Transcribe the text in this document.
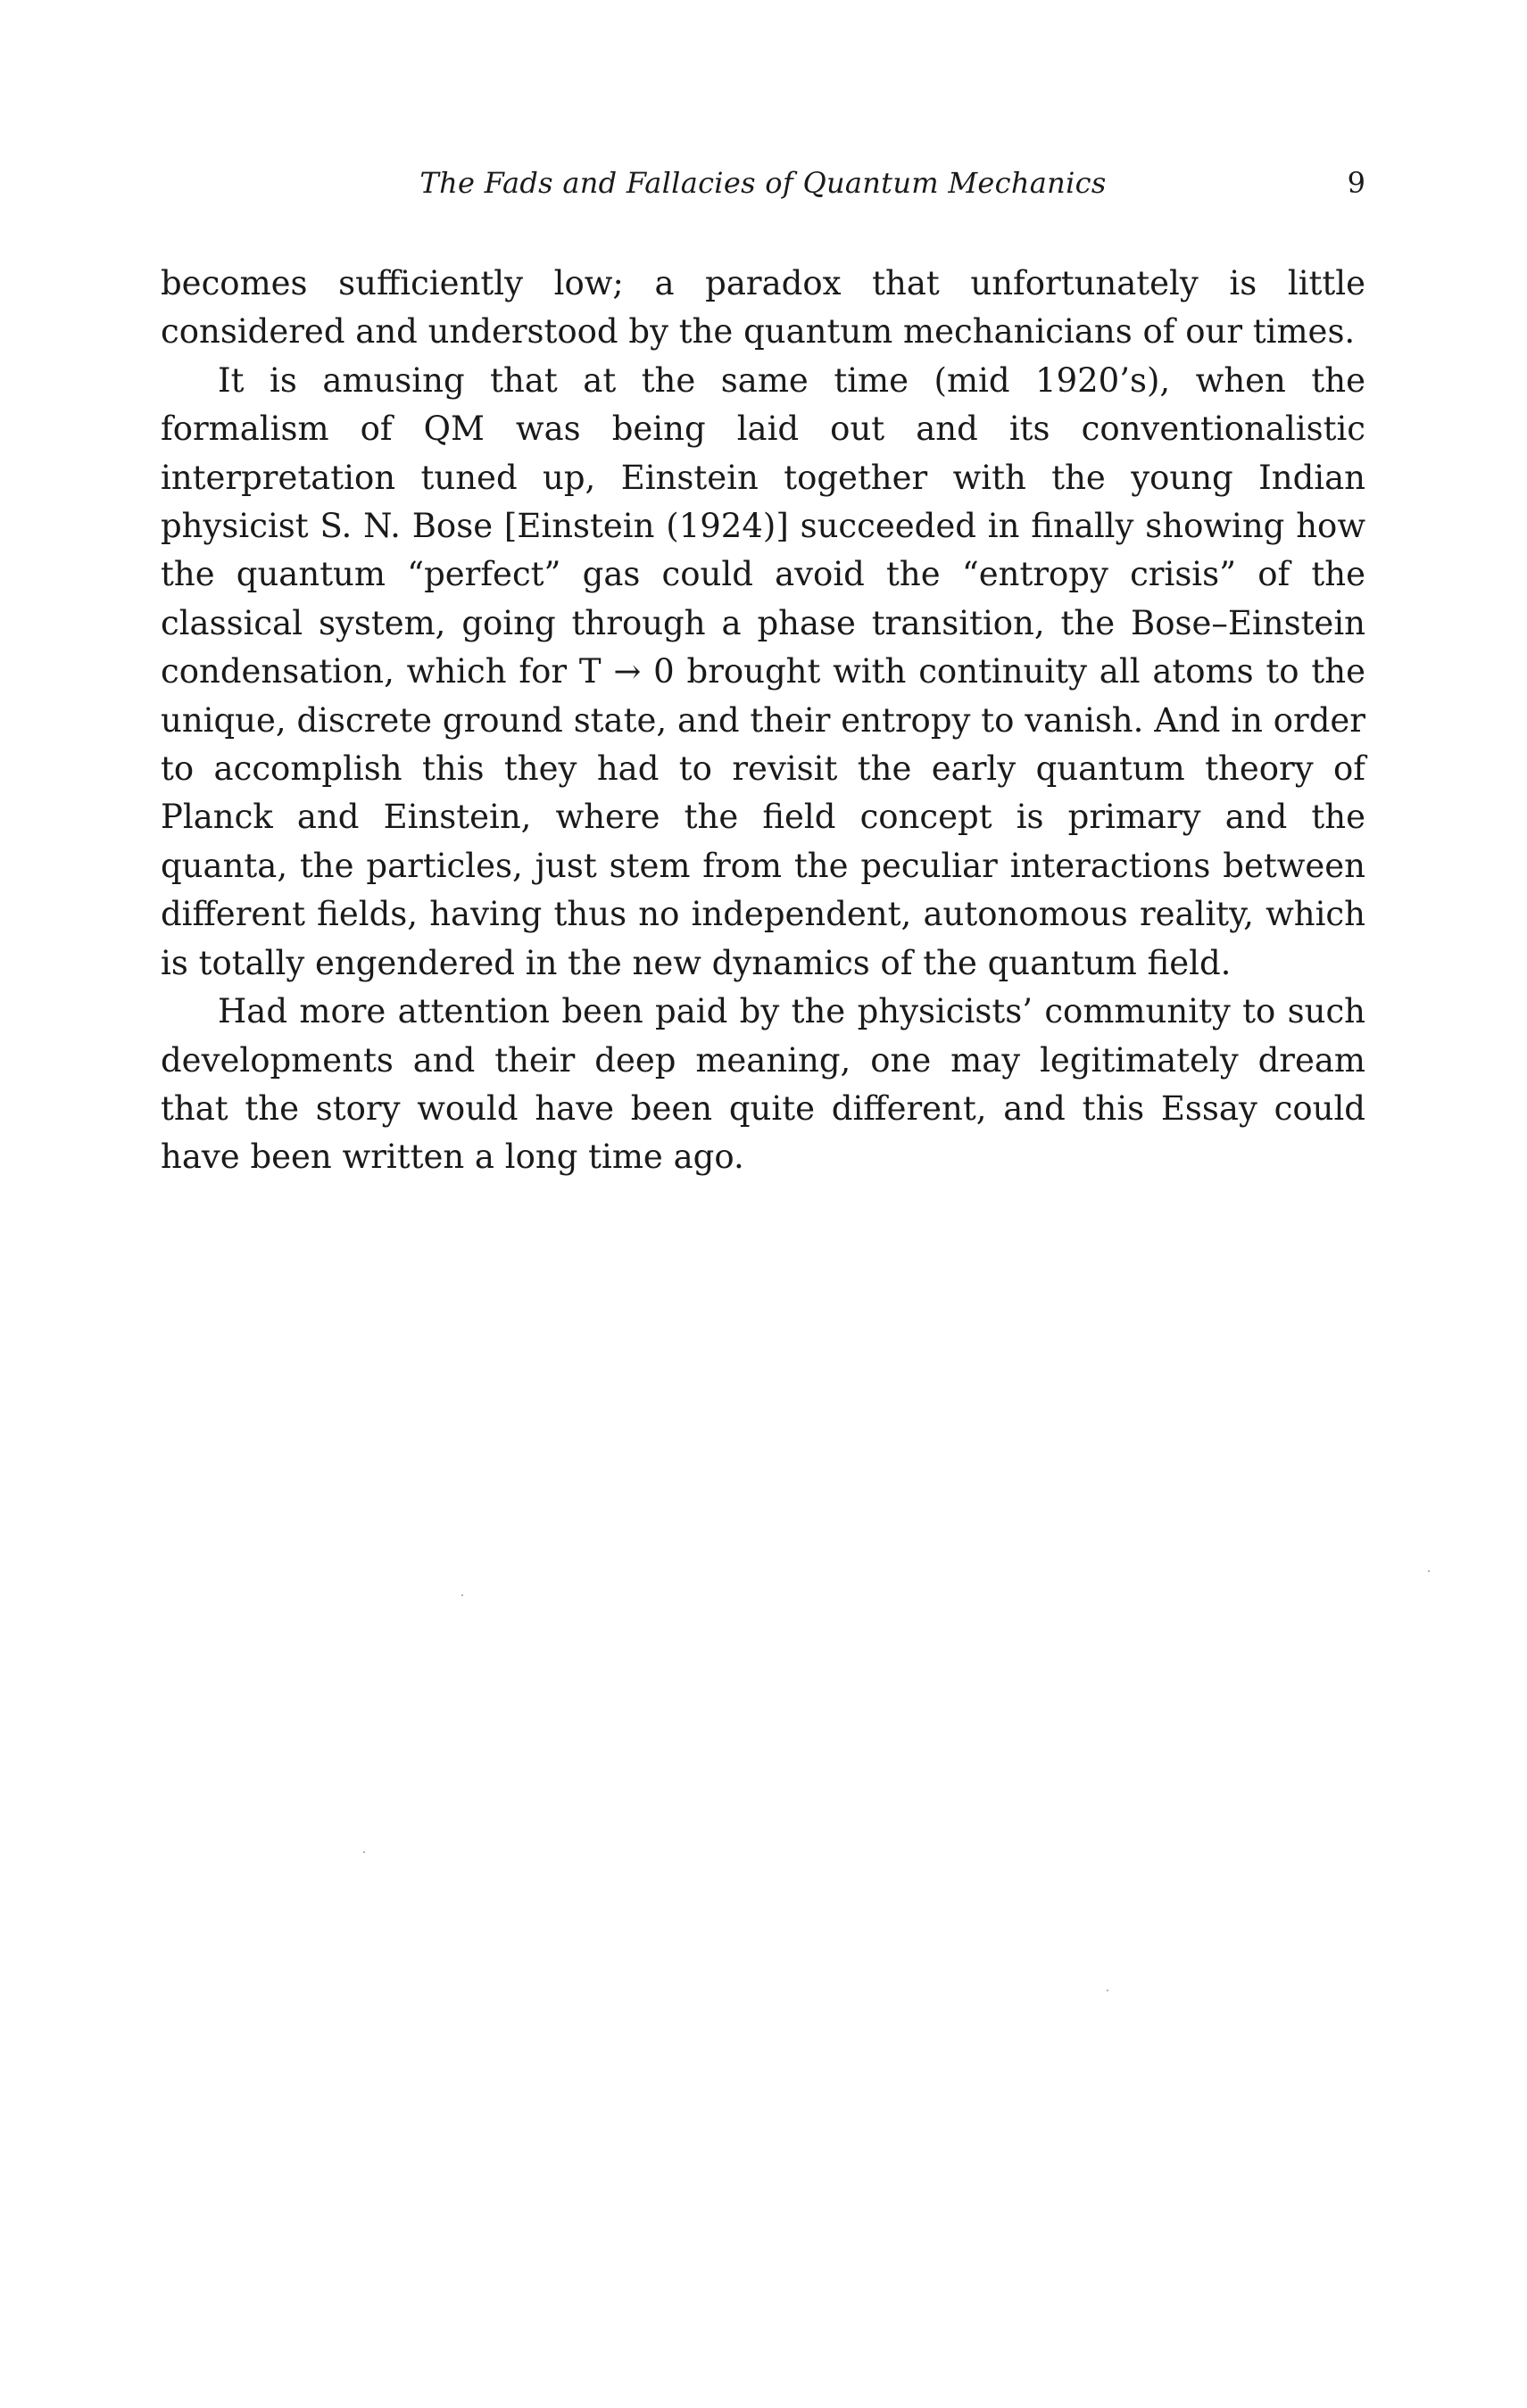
The Fads and Fallacies of Quantum Mechanics	9

becomes sufficiently low; a paradox that unfortunately is little considered and understood by the quantum mechanicians of our times.

It is amusing that at the same time (mid 1920’s), when the formalism of QM was being laid out and its conventionalistic interpretation tuned up, Einstein together with the young Indian physicist S. N. Bose [Einstein (1924)] succeeded in finally showing how the quantum “perfect” gas could avoid the “entropy crisis” of the classical system, going through a phase transition, the Bose–Einstein condensation, which for T → 0 brought with continuity all atoms to the unique, discrete ground state, and their entropy to vanish. And in order to accomplish this they had to revisit the early quantum theory of Planck and Einstein, where the field concept is primary and the quanta, the particles, just stem from the peculiar interactions between different fields, having thus no independent, autonomous reality, which is totally engendered in the new dynamics of the quantum field.

Had more attention been paid by the physicists’ community to such developments and their deep meaning, one may legitimately dream that the story would have been quite different, and this Essay could have been written a long time ago.
